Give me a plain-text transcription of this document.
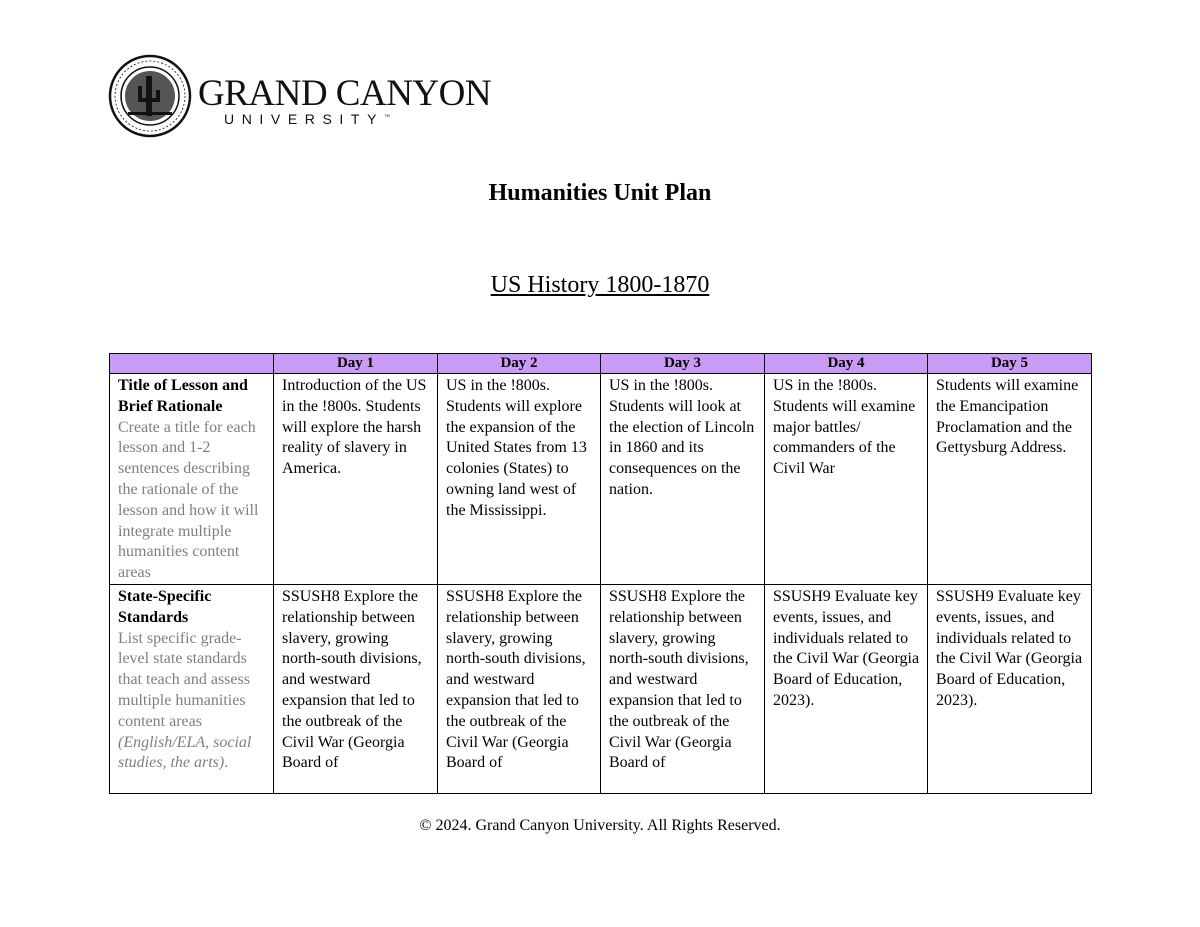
GRAND CANYON
UNIVERSITY™
Humanities Unit Plan
US History 1800-1870
	Day 1	Day 2	Day 3	Day 4	Day 5

Title of Lesson and Brief Rationale
Create a title for each lesson and 1-2 sentences describing the rationale of the lesson and how it will integrate multiple humanities content areas	Introduction of the US in the !800s. Students will explore the harsh reality of slavery in America.	US in the !800s. Students will explore the expansion of the United States from 13 colonies (States) to owning land west of the Mississippi.	US in the !800s. Students will look at the election of Lincoln in 1860 and its consequences on the nation.	US in the !800s. Students will examine major battles/ commanders of the Civil War	Students will examine the Emancipation Proclamation and the Gettysburg Address.

State-Specific Standards
List specific grade-level state standards that teach and assess multiple humanities content areas (English/ELA, social studies, the arts).	SSUSH8 Explore the relationship between slavery, growing north-south divisions, and westward expansion that led to the outbreak of the Civil War (Georgia Board of	SSUSH8 Explore the relationship between slavery, growing north-south divisions, and westward expansion that led to the outbreak of the Civil War (Georgia Board of	SSUSH8 Explore the relationship between slavery, growing north-south divisions, and westward expansion that led to the outbreak of the Civil War (Georgia Board of	SSUSH9 Evaluate key events, issues, and individuals related to the Civil War (Georgia Board of Education, 2023).	SSUSH9 Evaluate key events, issues, and individuals related to the Civil War (Georgia Board of Education, 2023).
© 2024. Grand Canyon University. All Rights Reserved.
